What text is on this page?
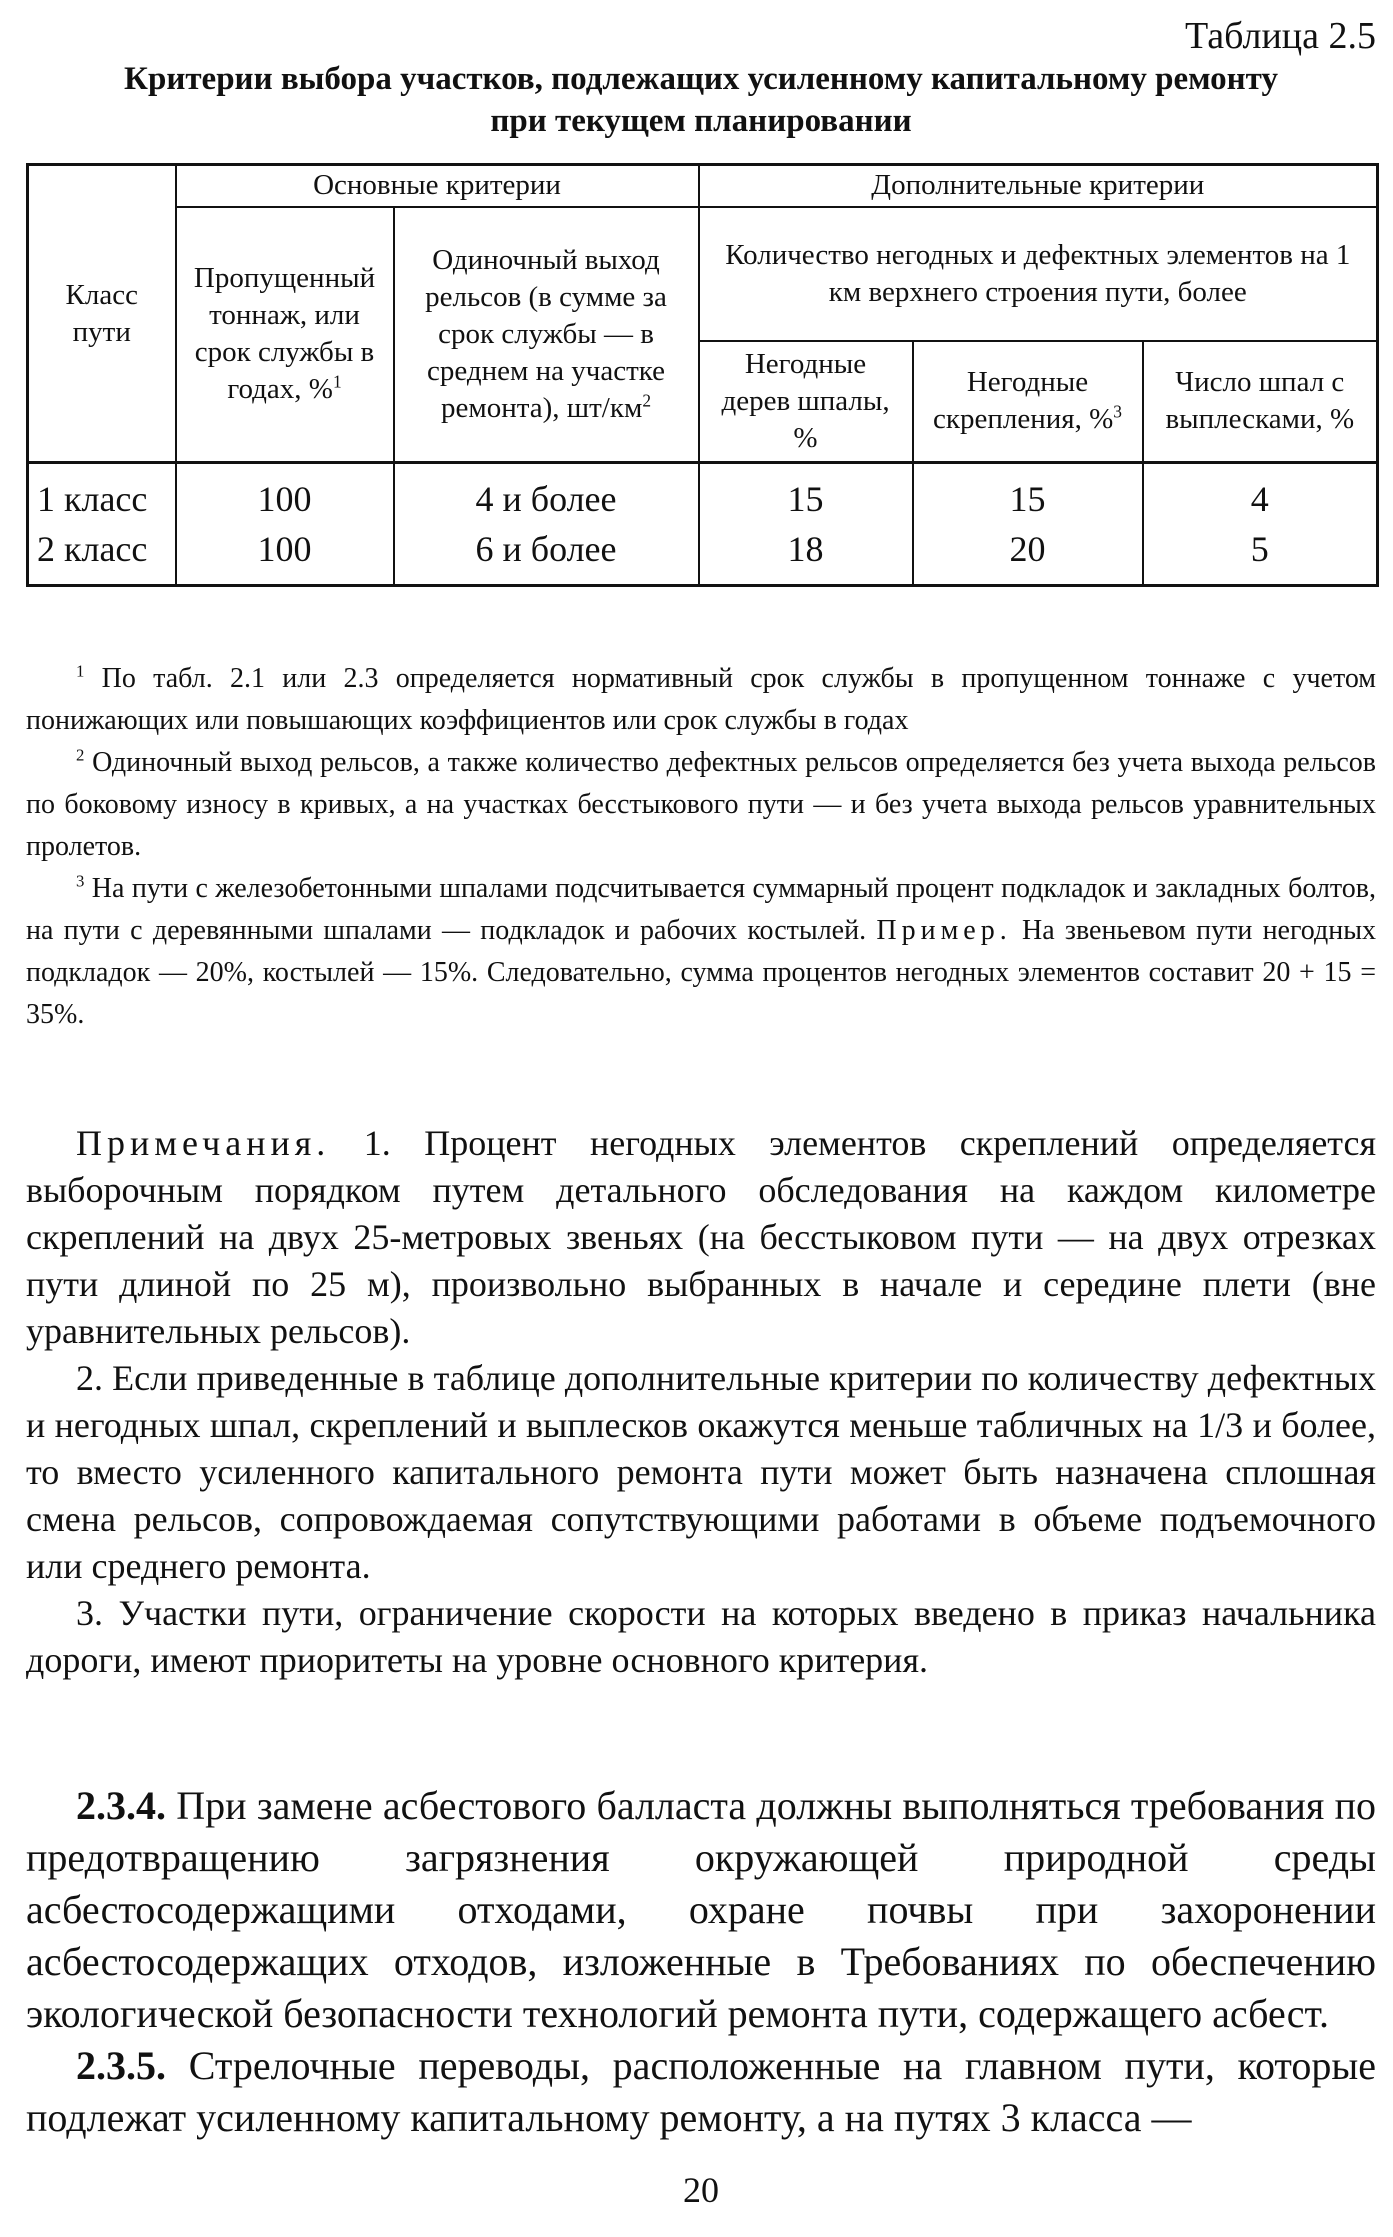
Таблица 2.5
Критерии выбора участков, подлежащих усиленному капитальному ремонту
при текущем планировании
Класс пути	Основные критерии		Дополнительные критерии		
	Пропущенный тоннаж, или срок службы в годах, %$^1$	Одиночный выход рельсов (в сумме за срок службы — в среднем на участке ремонта), $шт/км^2$	Количество негодных и дефектных элементов на 1 км верхнего строения пути, более		
			Негодные дерев шпалы, %	Негодные скрепления, %$^3$	Число шпал с выплесками, %
1 класс	100	4 и более	15	15	4
2 класс	100	6 и более	18	20	5

$^1$ По табл. 2.1 или 2.3 определяется нормативный срок службы в пропущенном тоннаже с учетом понижающих или повышающих коэффициентов или срок службы в годах

$^2$ Одиночный выход рельсов, а также количество дефектных рельсов определяется без учета выхода рельсов по боковому износу в кривых, а на участках бесстыкового пути — и без учета выхода рельсов уравнительных пролетов.

$^3$ На пути с железобетонными шпалами подсчитывается суммарный процент подкладок и закладных болтов, на пути с деревянными шпалами — подкладок и рабочих костылей. Пример. На звеньевом пути негодных подкладок — 20%, костылей — 15%. Следовательно, сумма процентов негодных элементов составит 20 + 15 = 35%.

Примечания. 1. Процент негодных элементов скреплений определяется выборочным порядком путем детального обследования на каждом километре скреплений на двух 25-метровых звеньях (на бесстыковом пути — на двух отрезках пути длиной по 25 м), произвольно выбранных в начале и середине плети (вне уравнительных рельсов).

2. Если приведенные в таблице дополнительные критерии по количеству дефектных и негодных шпал, скреплений и выплесков окажутся меньше табличных на 1/3 и более, то вместо усиленного капитального ремонта пути может быть назначена сплошная смена рельсов, сопровождаемая сопутствующими работами в объеме подъемочного или среднего ремонта.

3. Участки пути, ограничение скорости на которых введено в приказ начальника дороги, имеют приоритеты на уровне основного критерия.

2.3.4. При замене асбестового балласта должны выполняться требования по предотвращению загрязнения окружающей природной среды асбестосодержащими отходами, охране почвы при захоронении асбестосодержащих отходов, изложенные в Требованиях по обеспечению экологической безопасности технологий ремонта пути, содержащего асбест.

2.3.5. Стрелочные переводы, расположенные на главном пути, которые подлежат усиленному капитальному ремонту, а на путях 3 класса —

20
